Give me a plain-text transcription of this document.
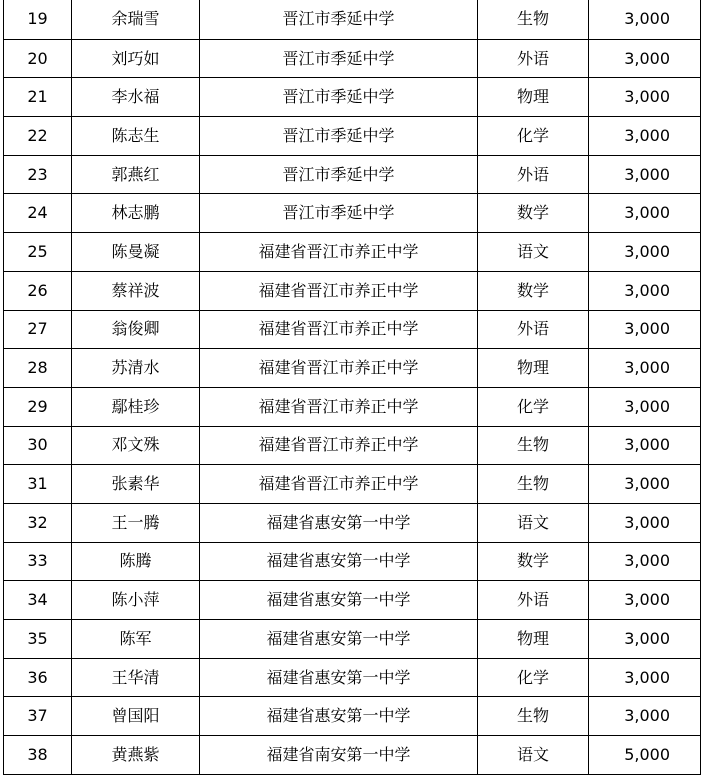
19	余瑞雪	晋江市季延中学	生物	3,000
20	刘巧如	晋江市季延中学	外语	3,000
21	李水福	晋江市季延中学	物理	3,000
22	陈志生	晋江市季延中学	化学	3,000
23	郭燕红	晋江市季延中学	外语	3,000
24	林志鹏	晋江市季延中学	数学	3,000
25	陈曼凝	福建省晋江市养正中学	语文	3,000
26	蔡祥波	福建省晋江市养正中学	数学	3,000
27	翁俊卿	福建省晋江市养正中学	外语	3,000
28	苏清水	福建省晋江市养正中学	物理	3,000
29	鄢桂珍	福建省晋江市养正中学	化学	3,000
30	邓文殊	福建省晋江市养正中学	生物	3,000
31	张素华	福建省晋江市养正中学	生物	3,000
32	王一腾	福建省惠安第一中学	语文	3,000
33	陈腾	福建省惠安第一中学	数学	3,000
34	陈小萍	福建省惠安第一中学	外语	3,000
35	陈军	福建省惠安第一中学	物理	3,000
36	王华清	福建省惠安第一中学	化学	3,000
37	曾国阳	福建省惠安第一中学	生物	3,000
38	黄燕紫	福建省南安第一中学	语文	5,000
